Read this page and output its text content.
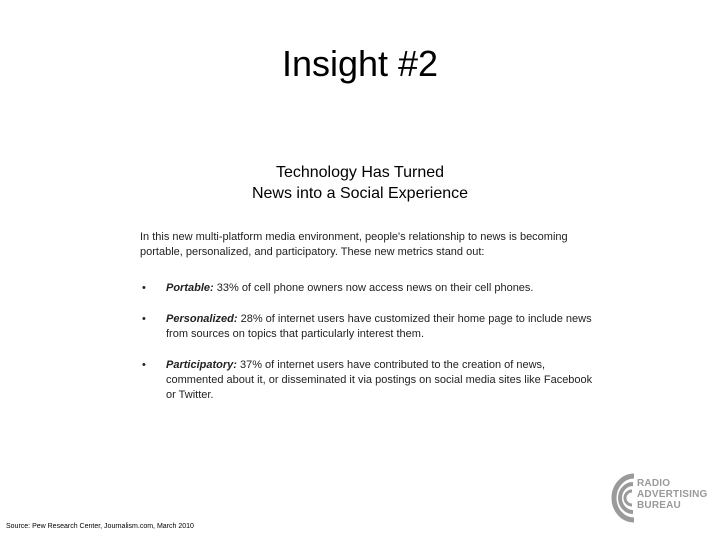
Insight #2
Technology Has Turned
News into a Social Experience
In this new multi-platform media environment, people's relationship to news is becoming portable, personalized, and participatory. These new metrics stand out:
• Portable: 33% of cell phone owners now access news on their cell phones.
• Personalized: 28% of internet users have customized their home page to include news from sources on topics that particularly interest them.
• Participatory: 37% of internet users have contributed to the creation of news, commented about it, or disseminated it via postings on social media sites like Facebook or Twitter.
Source: Pew Research Center, Journalism.com, March 2010
RADIO
ADVERTISING
BUREAU
